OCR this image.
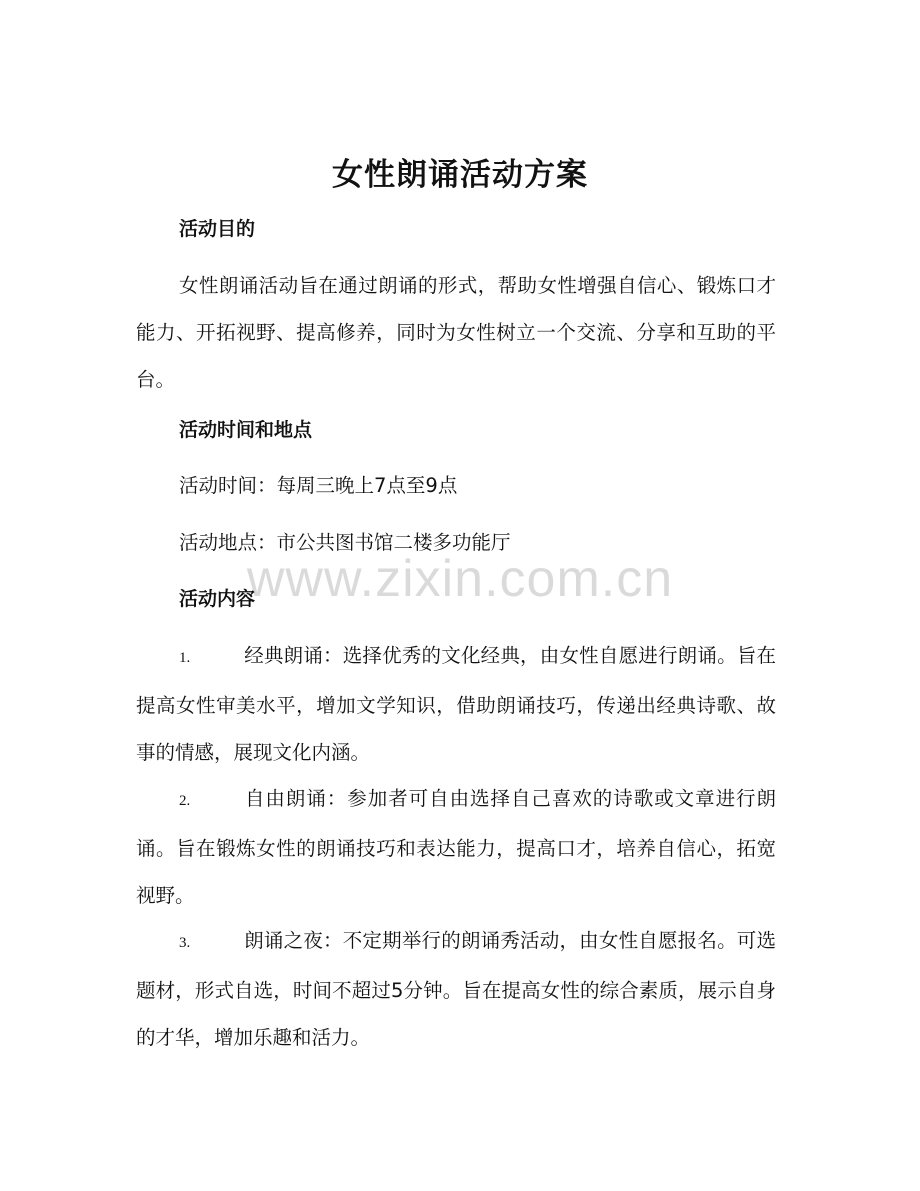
女性朗诵活动方案
活动目的
女性朗诵活动旨在通过朗诵的形式，帮助女性增强自信心、锻炼口才能力、开拓视野、提高修养，同时为女性树立一个交流、分享和互助的平台。
活动时间和地点
活动时间：每周三晚上7点至9点
活动地点：市公共图书馆二楼多功能厅
www.zixin.com.cn
活动内容
1.	经典朗诵：选择优秀的文化经典，由女性自愿进行朗诵。旨在提高女性审美水平，增加文学知识，借助朗诵技巧，传递出经典诗歌、故事的情感，展现文化内涵。
2.	自由朗诵：参加者可自由选择自己喜欢的诗歌或文章进行朗诵。旨在锻炼女性的朗诵技巧和表达能力，提高口才，培养自信心，拓宽视野。
3.	朗诵之夜：不定期举行的朗诵秀活动，由女性自愿报名。可选题材，形式自选，时间不超过5分钟。旨在提高女性的综合素质，展示自身的才华，增加乐趣和活力。
